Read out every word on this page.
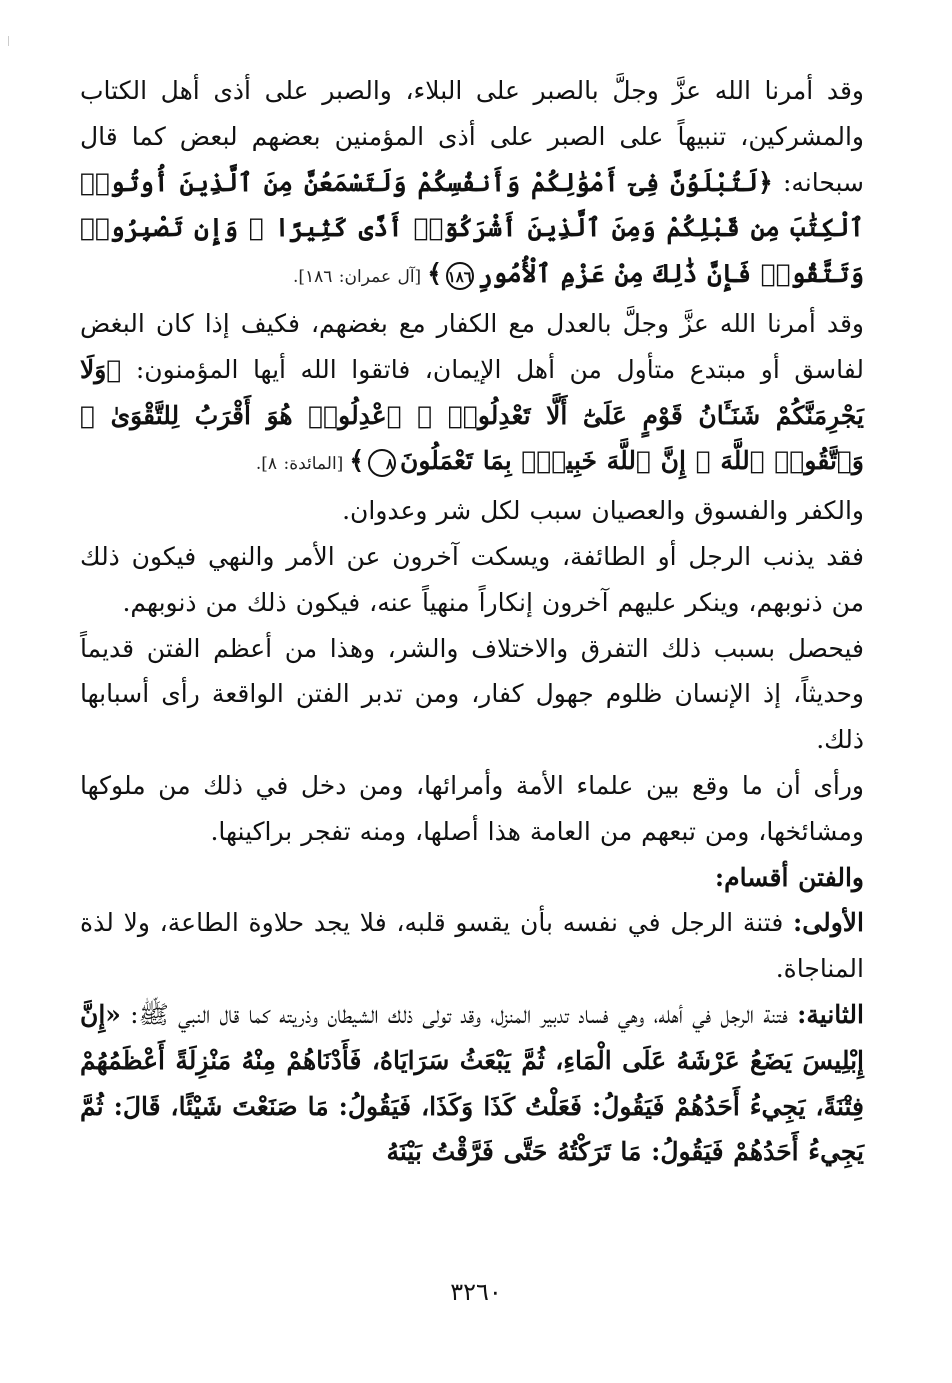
وقد أمرنا الله عزَّ وجلَّ بالصبر على البلاء، والصبر على أذى أهل الكتاب والمشركين، تنبيهاً على الصبر على أذى المؤمنين بعضهم لبعض كما قال سبحانه: ﴿لَتُبْلَوُنَّ فِىٓ أَمْوَٰلِكُمْ وَأَنفُسِكُمْ وَلَتَسْمَعُنَّ مِنَ ٱلَّذِينَ أُوتُوا۟ ٱلْكِتَٰبَ مِن قَبْلِكُمْ وَمِنَ ٱلَّذِينَ أَشْرَكُوٓا۟ أَذًى كَثِيرًا ۚ وَإِن تَصْبِرُوا۟ وَتَتَّقُوا۟ فَإِنَّ ذَٰلِكَ مِنْ عَزْمِ ٱلْأُمُورِ١٨٦﴾[آل عمران: ١٨٦].

وقد أمرنا الله عزَّ وجلَّ بالعدل مع الكفار مع بغضهم، فكيف إذا كان البغض لفاسق أو مبتدع متأول من أهل الإيمان، فاتقوا الله أيها المؤمنون: ﴿وَلَا يَجْرِمَنَّكُمْ شَنَـَٔانُ قَوْمٍ عَلَىٰٓ أَلَّا تَعْدِلُوا۟ ۚ ٱعْدِلُوا۟ هُوَ أَقْرَبُ لِلتَّقْوَىٰ ۖ وَٱتَّقُوا۟ ٱللَّهَ ۚ إِنَّ ٱللَّهَ خَبِيرٌۢ بِمَا تَعْمَلُونَ٨﴾[المائدة: ٨].

والكفر والفسوق والعصيان سبب لكل شر وعدوان.

فقد يذنب الرجل أو الطائفة، ويسكت آخرون عن الأمر والنهي فيكون ذلك من ذنوبهم، وينكر عليهم آخرون إنكاراً منهياً عنه، فيكون ذلك من ذنوبهم.

فيحصل بسبب ذلك التفرق والاختلاف والشر، وهذا من أعظم الفتن قديماً وحديثاً، إذ الإنسان ظلوم جهول كفار، ومن تدبر الفتن الواقعة رأى أسبابها ذلك.

ورأى أن ما وقع بين علماء الأمة وأمرائها، ومن دخل في ذلك من ملوكها ومشائخها، ومن تبعهم من العامة هذا أصلها، ومنه تفجر براكينها.

والفتن أقسام:

الأولى: فتنة الرجل في نفسه بأن يقسو قلبه، فلا يجد حلاوة الطاعة، ولا لذة المناجاة.

الثانية: فتنة الرجل في أهله، وهي فساد تدبير المنزل، وقد تولى ذلك الشيطان وذريته كما قال النبي ﷺ: «إِنَّ إِبْلِيسَ يَضَعُ عَرْشَهُ عَلَى الْمَاءِ، ثُمَّ يَبْعَثُ سَرَايَاهُ، فَأَدْنَاهُمْ مِنْهُ مَنْزِلَةً أَعْظَمُهُمْ فِتْنَةً، يَجِيءُ أَحَدُهُمْ فَيَقُولُ: فَعَلْتُ كَذَا وَكَذَا، فَيَقُولُ: مَا صَنَعْتَ شَيْئًا، قَالَ: ثُمَّ يَجِيءُ أَحَدُهُمْ فَيَقُولُ: مَا تَرَكْتُهُ حَتَّى فَرَّقْتُ بَيْنَهُ

٣٢٦٠
